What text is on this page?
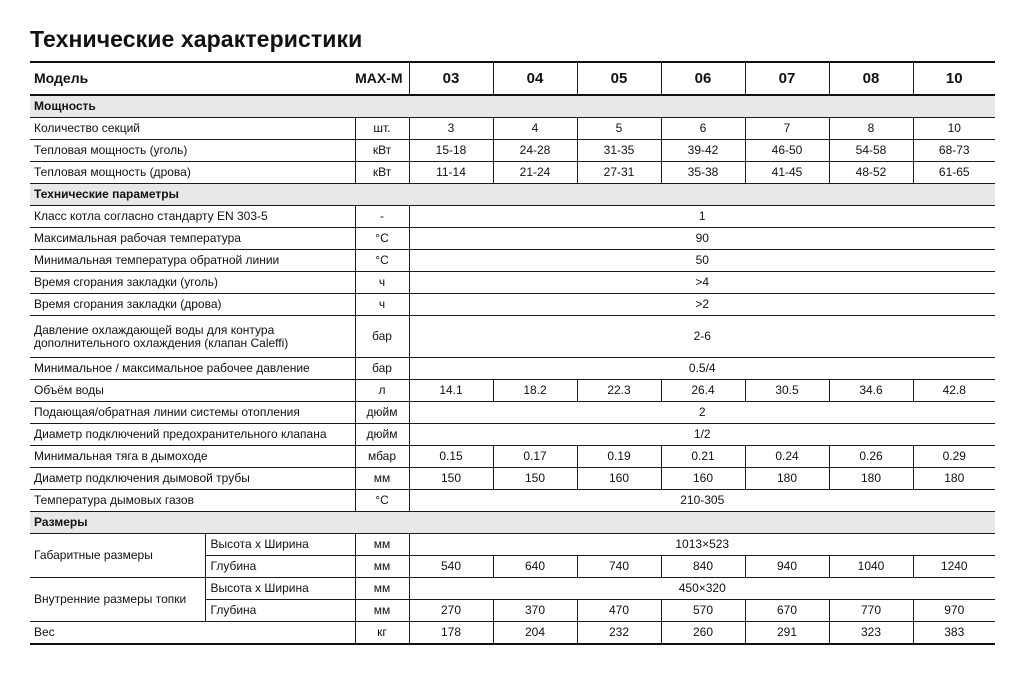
Технические характеристики
Модель	MAX-M		03	04	05	06	07	08	10
Мощность									
Количество секций		шт.	3	4	5	6	7	8	10
Тепловая мощность (уголь)		кВт	15-18	24-28	31-35	39-42	46-50	54-58	68-73
Тепловая мощность (дрова)		кВт	11-14	21-24	27-31	35-38	41-45	48-52	61-65
Технические параметры									
Класс котла согласно стандарту EN 303-5		-	1						
Максимальная рабочая температура		°C	90						
Минимальная температура обратной линии		°C	50						
Время сгорания закладки (уголь)		ч	>4						
Время сгорания закладки (дрова)		ч	>2						

Давление охлаждающей воды для контура
дополнительного охлаждения (клапан Caleffi)		бар	2-6						
Минимальное / максимальное рабочее давление		бар	0.5/4						
Объём воды		л	14.1	18.2	22.3	26.4	30.5	34.6	42.8
Подающая/обратная линии системы отопления		дюйм	2						
Диаметр подключений предохранительного клапана		дюйм	1/2						
Минимальная тяга в дымоходе		мбар	0.15	0.17	0.19	0.21	0.24	0.26	0.29
Диаметр подключения дымовой трубы		мм	150	150	160	160	180	180	180
Температура дымовых газов		°C	210-305						
Размеры									
Габаритные размеры	Высота х Ширина	мм	1013×523						
	Глубина	мм	540	640	740	840	940	1040	1240
Внутренние размеры топки	Высота х Ширина	мм	450×320						
	Глубина	мм	270	370	470	570	670	770	970
Вес		кг	178	204	232	260	291	323	383
